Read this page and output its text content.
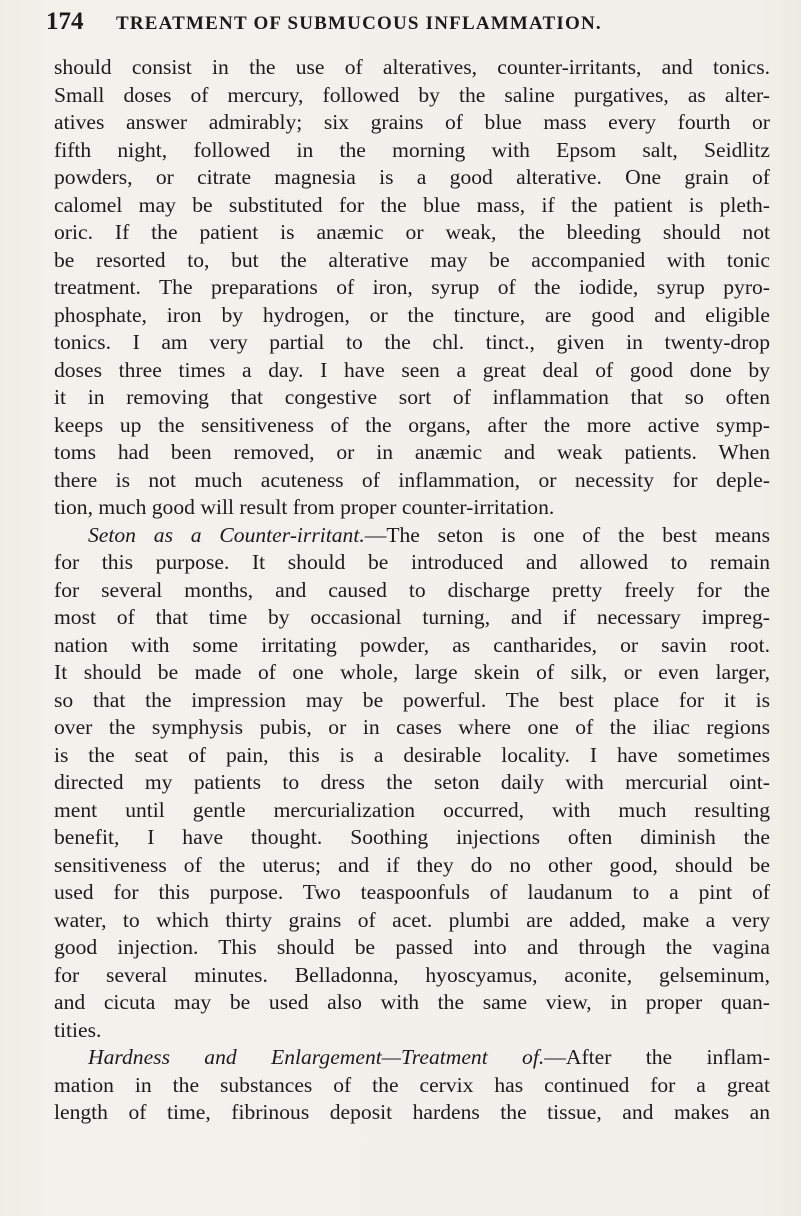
174 TREATMENT OF SUBMUCOUS INFLAMMATION.
should consist in the use of alteratives, counter-irritants, and tonics.
Small doses of mercury, followed by the saline purgatives, as alter-
atives answer admirably; six grains of blue mass every fourth or
fifth night, followed in the morning with Epsom salt, Seidlitz
powders, or citrate magnesia is a good alterative. One grain of
calomel may be substituted for the blue mass, if the patient is pleth-
oric. If the patient is anæmic or weak, the bleeding should not
be resorted to, but the alterative may be accompanied with tonic
treatment. The preparations of iron, syrup of the iodide, syrup pyro-
phosphate, iron by hydrogen, or the tincture, are good and eligible
tonics. I am very partial to the chl. tinct., given in twenty-drop
doses three times a day. I have seen a great deal of good done by
it in removing that congestive sort of inflammation that so often
keeps up the sensitiveness of the organs, after the more active symp-
toms had been removed, or in anæmic and weak patients. When
there is not much acuteness of inflammation, or necessity for deple-
tion, much good will result from proper counter-irritation.
Seton as a Counter-irritant.—The seton is one of the best means
for this purpose. It should be introduced and allowed to remain
for several months, and caused to discharge pretty freely for the
most of that time by occasional turning, and if necessary impreg-
nation with some irritating powder, as cantharides, or savin root.
It should be made of one whole, large skein of silk, or even larger,
so that the impression may be powerful. The best place for it is
over the symphysis pubis, or in cases where one of the iliac regions
is the seat of pain, this is a desirable locality. I have sometimes
directed my patients to dress the seton daily with mercurial oint-
ment until gentle mercurialization occurred, with much resulting
benefit, I have thought. Soothing injections often diminish the
sensitiveness of the uterus; and if they do no other good, should be
used for this purpose. Two teaspoonfuls of laudanum to a pint of
water, to which thirty grains of acet. plumbi are added, make a very
good injection. This should be passed into and through the vagina
for several minutes. Belladonna, hyoscyamus, aconite, gelseminum,
and cicuta may be used also with the same view, in proper quan-
tities.
Hardness and Enlargement—Treatment of.—After the inflam-
mation in the substances of the cervix has continued for a great
length of time, fibrinous deposit hardens the tissue, and makes an
